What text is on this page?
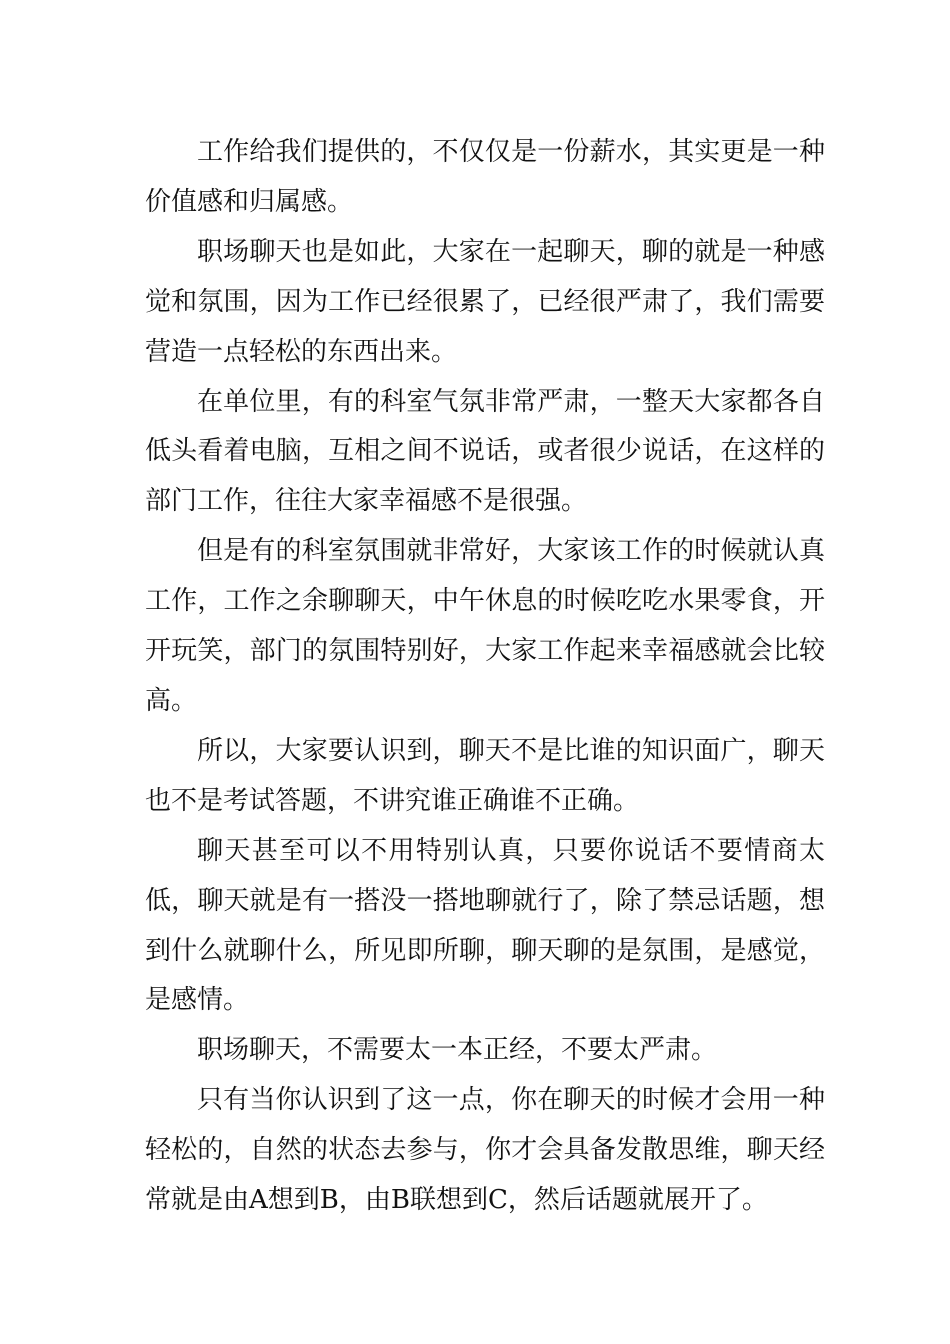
工作给我们提供的，不仅仅是一份薪水，其实更是一种价值感和归属感。

职场聊天也是如此，大家在一起聊天，聊的就是一种感觉和氛围，因为工作已经很累了，已经很严肃了，我们需要营造一点轻松的东西出来。

在单位里，有的科室气氛非常严肃，一整天大家都各自低头看着电脑，互相之间不说话，或者很少说话，在这样的部门工作，往往大家幸福感不是很强。

但是有的科室氛围就非常好，大家该工作的时候就认真工作，工作之余聊聊天，中午休息的时候吃吃水果零食，开开玩笑，部门的氛围特别好，大家工作起来幸福感就会比较高。

所以，大家要认识到，聊天不是比谁的知识面广，聊天也不是考试答题，不讲究谁正确谁不正确。

聊天甚至可以不用特别认真，只要你说话不要情商太低，聊天就是有一搭没一搭地聊就行了，除了禁忌话题，想到什么就聊什么，所见即所聊，聊天聊的是氛围，是感觉，是感情。

职场聊天，不需要太一本正经，不要太严肃。

只有当你认识到了这一点，你在聊天的时候才会用一种轻松的，自然的状态去参与，你才会具备发散思维，聊天经常就是由A想到B，由B联想到C，然后话题就展开了。
